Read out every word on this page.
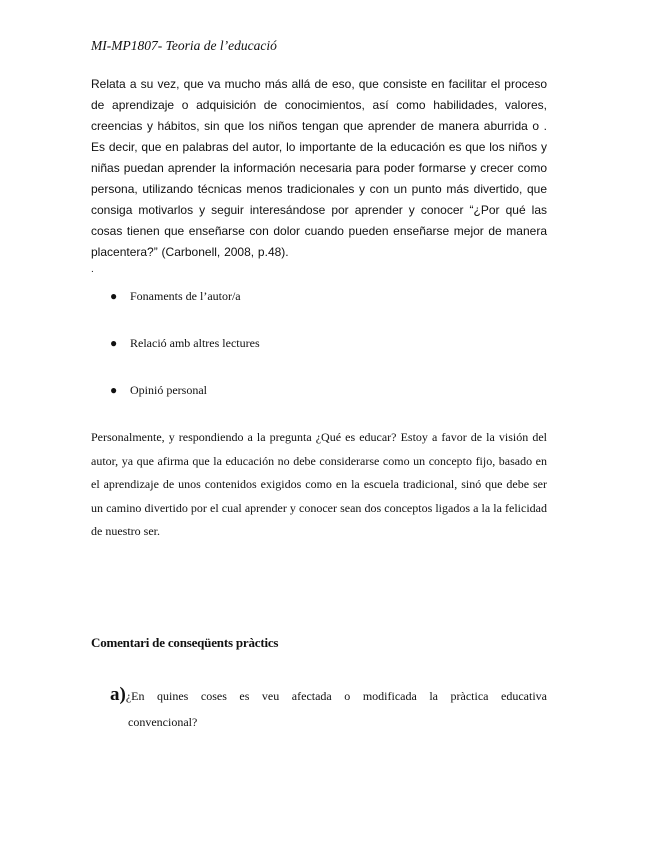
MI-MP1807- Teoria de l’educació

Relata a su vez, que va mucho más allá de eso, que consiste en facilitar el proceso de aprendizaje o adquisición de conocimientos, así como habilidades, valores, creencias y hábitos, sin que los niños tengan que aprender de manera aburrida o . Es decir, que en palabras del autor, lo importante de la educación es que los niños y niñas puedan aprender la información necesaria para poder formarse y crecer como persona, utilizando técnicas menos tradicionales y con un punto más divertido, que consiga motivarlos y seguir interesándose por aprender y conocer “¿Por qué las cosas tienen que enseñarse con dolor cuando pueden enseñarse mejor de manera placentera?” (Carbonell, 2008, p.48).

.
● Fonaments de l’autor/a
● Relació amb altres lectures
● Opinió personal

Personalmente, y respondiendo a la pregunta ¿Qué es educar? Estoy a favor de la visión del autor, ya que afirma que la educación no debe considerarse como un concepto fijo, basado en el aprendizaje de unos contenidos exigidos como en la escuela tradicional, sinó que debe ser un camino divertido por el cual aprender y conocer sean dos conceptos ligados a la la felicidad de nuestro ser.

Comentari de conseqüents pràctics
a)¿En quines coses es veu afectada o modificada la pràctica educativa
convencional?
